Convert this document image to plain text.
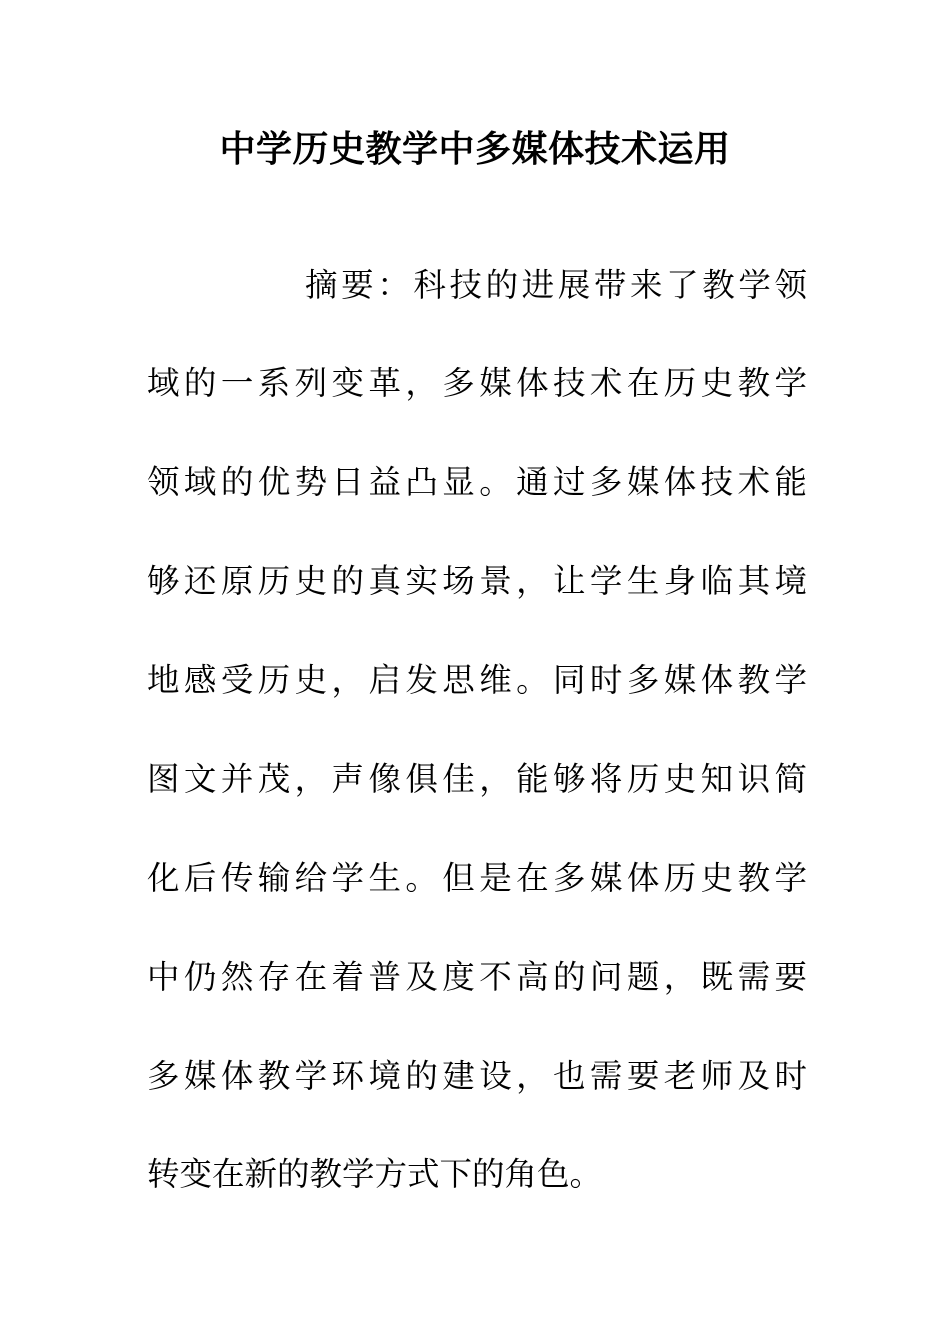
中学历史教学中多媒体技术运用
摘要：科技的进展带来了教学领
域的一系列变革，多媒体技术在历史教学
领域的优势日益凸显。通过多媒体技术能
够还原历史的真实场景，让学生身临其境
地感受历史，启发思维。同时多媒体教学
图文并茂，声像俱佳，能够将历史知识简
化后传输给学生。但是在多媒体历史教学
中仍然存在着普及度不高的问题，既需要
多媒体教学环境的建设，也需要老师及时
转变在新的教学方式下的角色。
